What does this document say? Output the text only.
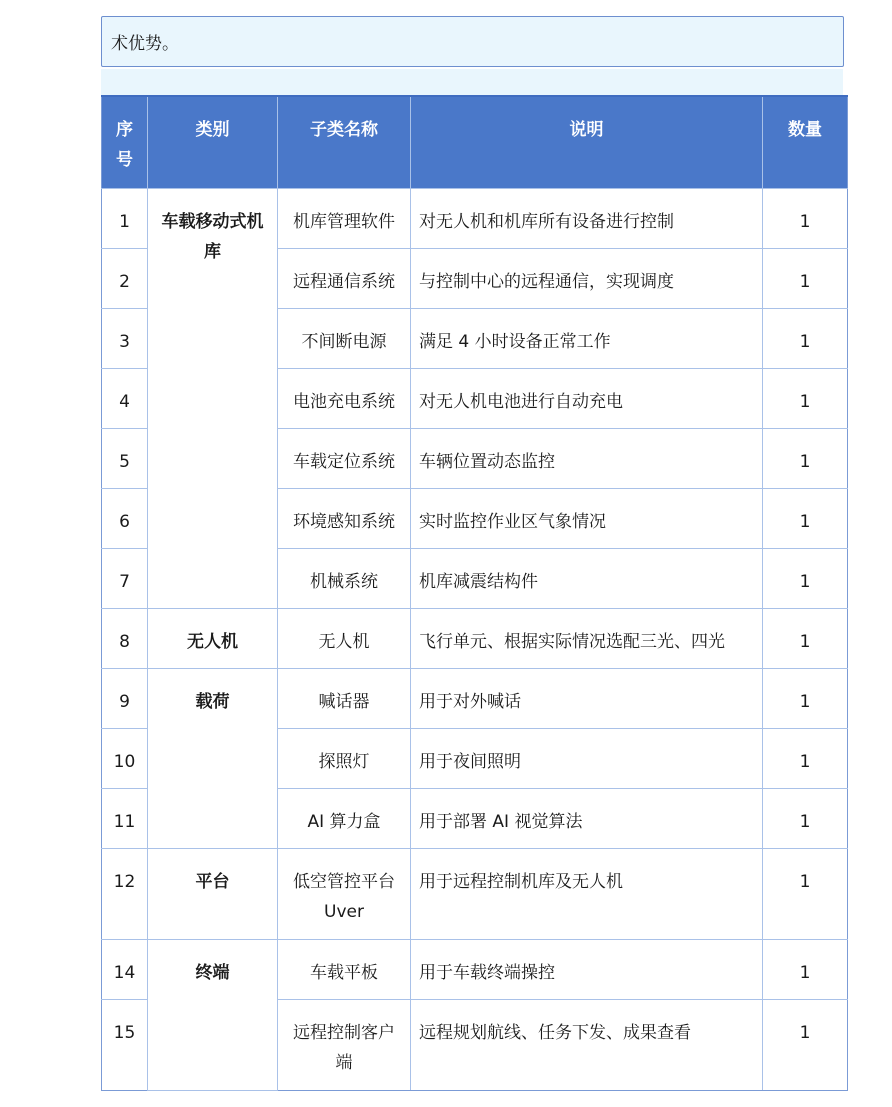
术优势。
序号	类别	子类名称	说明	数量
1	车载移动式机库	机库管理软件	对无人机和机库所有设备进行控制	1
2		远程通信系统	与控制中心的远程通信，实现调度	1
3		不间断电源	满足 4 小时设备正常工作	1
4		电池充电系统	对无人机电池进行自动充电	1
5		车载定位系统	车辆位置动态监控	1
6		环境感知系统	实时监控作业区气象情况	1
7		机械系统	机库减震结构件	1
8	无人机	无人机	飞行单元、根据实际情况选配三光、四光	1
9	载荷	喊话器	用于对外喊话	1
10		探照灯	用于夜间照明	1
11		AI 算力盒	用于部署 AI 视觉算法	1
12	平台	低空管控平台 Uver	用于远程控制机库及无人机	1
14	终端	车载平板	用于车载终端操控	1
15		远程控制客户端	远程规划航线、任务下发、成果查看	1
